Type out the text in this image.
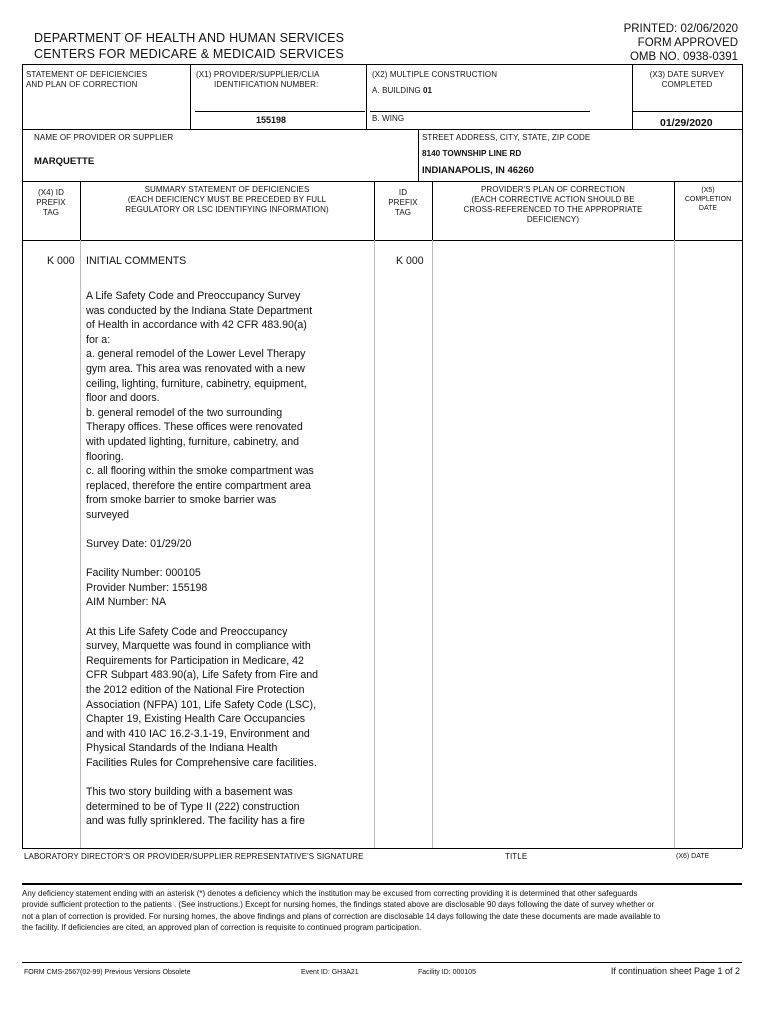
DEPARTMENT OF HEALTH AND HUMAN SERVICES
CENTERS FOR MEDICARE & MEDICAID SERVICES
PRINTED: 02/06/2020
FORM APPROVED
OMB NO. 0938-0391
STATEMENT OF DEFICIENCIES
AND PLAN OF CORRECTION
(X1) PROVIDER/SUPPLIER/CLIA
IDENTIFICATION NUMBER:
155198
(X2) MULTIPLE CONSTRUCTION
A. BUILDING 01
B. WING
(X3) DATE SURVEY
COMPLETED
01/29/2020
NAME OF PROVIDER OR SUPPLIER
MARQUETTE
STREET ADDRESS, CITY, STATE, ZIP CODE
8140 TOWNSHIP LINE RD
INDIANAPOLIS, IN 46260
(X4) ID
PREFIX
TAG
SUMMARY STATEMENT OF DEFICIENCIES
(EACH DEFICIENCY MUST BE PRECEDED BY FULL
REGULATORY OR LSC IDENTIFYING INFORMATION)
ID
PREFIX
TAG
PROVIDER'S PLAN OF CORRECTION
(EACH CORRECTIVE ACTION SHOULD BE
CROSS-REFERENCED TO THE APPROPRIATE
DEFICIENCY)
(X5)
COMPLETION
DATE
K 000 INITIAL COMMENTS	K 000

A Life Safety Code and Preoccupancy Survey
was conducted by the Indiana State Department
of Health in accordance with 42 CFR 483.90(a)
for a:
a. general remodel of the Lower Level Therapy
gym area. This area was renovated with a new
ceiling, lighting, furniture, cabinetry, equipment,
floor and doors.
b. general remodel of the two surrounding
Therapy offices. These offices were renovated
with updated lighting, furniture, cabinetry, and
flooring.
c. all flooring within the smoke compartment was
replaced, therefore the entire compartment area
from smoke barrier to smoke barrier was
surveyed

Survey Date: 01/29/20

Facility Number: 000105
Provider Number: 155198
AIM Number: NA

At this Life Safety Code and Preoccupancy
survey, Marquette was found in compliance with
Requirements for Participation in Medicare, 42
CFR Subpart 483.90(a), Life Safety from Fire and
the 2012 edition of the National Fire Protection
Association (NFPA) 101, Life Safety Code (LSC),
Chapter 19, Existing Health Care Occupancies
and with 410 IAC 16.2-3.1-19, Environment and
Physical Standards of the Indiana Health
Facilities Rules for Comprehensive care facilities.

This two story building with a basement was
determined to be of Type II (222) construction
and was fully sprinklered. The facility has a fire

LABORATORY DIRECTOR'S OR PROVIDER/SUPPLIER REPRESENTATIVE'S SIGNATURE	TITLE	(X6) DATE
Any deficiency statement ending with an asterisk (*) denotes a deficiency which the institution may be excused from correcting providing it is determined that other safeguards provide sufficient protection to the patients . (See instructions.) Except for nursing homes, the findings stated above are disclosable 90 days following the date of survey whether or not a plan of correction is provided. For nursing homes, the above findings and plans of correction are disclosable 14 days following the date these documents are made available to the facility. If deficiencies are cited, an approved plan of correction is requisite to continued program participation.
FORM CMS-2567(02-99) Previous Versions Obsolete	Event ID: GH3A21	Facility ID: 000105	If continuation sheet Page 1 of 2
